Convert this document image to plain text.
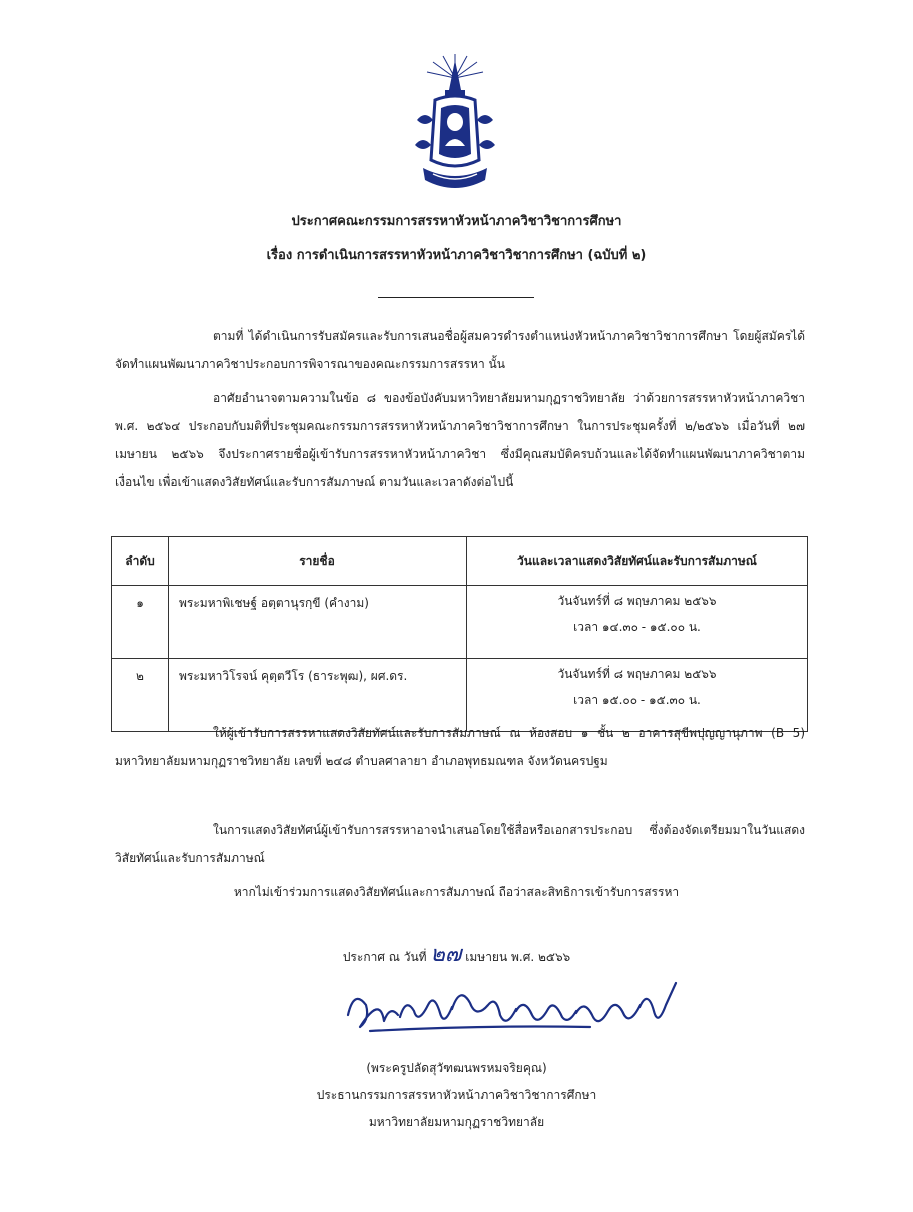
ประกาศคณะกรรมการสรรหาหัวหน้าภาควิชาวิชาการศึกษา
เรื่อง การดำเนินการสรรหาหัวหน้าภาควิชาวิชาการศึกษา (ฉบับที่ ๒)
ตามที่ ได้ดำเนินการรับสมัครและรับการเสนอชื่อผู้สมควรดำรงตำแหน่งหัวหน้าภาควิชาวิชาการศึกษา โดยผู้สมัครได้จัดทำแผนพัฒนาภาควิชาประกอบการพิจารณาของคณะกรรมการสรรหา นั้น
อาศัยอำนาจตามความในข้อ ๘ ของข้อบังคับมหาวิทยาลัยมหามกุฏราชวิทยาลัย ว่าด้วยการสรรหาหัวหน้าภาควิชา พ.ศ. ๒๕๖๔ ประกอบกับมติที่ประชุมคณะกรรมการสรรหาหัวหน้าภาควิชาวิชาการศึกษา ในการประชุมครั้งที่ ๒/๒๕๖๖ เมื่อวันที่ ๒๗ เมษายน ๒๕๖๖ จึงประกาศรายชื่อผู้เข้ารับการสรรหาหัวหน้าภาควิชา ซึ่งมีคุณสมบัติครบถ้วนและได้จัดทำแผนพัฒนาภาควิชาตามเงื่อนไข เพื่อเข้าแสดงวิสัยทัศน์และรับการสัมภาษณ์ ตามวันและเวลาดังต่อไปนี้
ลำดับ	รายชื่อ	วันและเวลาแสดงวิสัยทัศน์และรับการสัมภาษณ์
๑	พระมหาพิเชษฐ์ อตฺตานุรกฺขี (คำงาม)	วันจันทร์ที่ ๘ พฤษภาคม ๒๕๖๖
เวลา ๑๔.๓๐ - ๑๕.๐๐ น.

๒	พระมหาวิโรจน์ คุตฺตวีโร (ธาระพุฒ), ผศ.ดร.	วันจันทร์ที่ ๘ พฤษภาคม ๒๕๖๖
เวลา ๑๕.๐๐ - ๑๕.๓๐ น.
ให้ผู้เข้ารับการสรรหาแสดงวิสัยทัศน์และรับการสัมภาษณ์ ณ ห้องสอบ ๑ ชั้น ๒ อาคารสุขีพปุญญานุภาพ (B 5) มหาวิทยาลัยมหามกุฏราชวิทยาลัย เลขที่ ๒๔๘ ตำบลศาลายา อำเภอพุทธมณฑล จังหวัดนครปฐม
ในการแสดงวิสัยทัศน์ผู้เข้ารับการสรรหาอาจนำเสนอโดยใช้สื่อหรือเอกสารประกอบ ซึ่งต้องจัดเตรียมมาในวันแสดงวิสัยทัศน์และรับการสัมภาษณ์
หากไม่เข้าร่วมการแสดงวิสัยทัศน์และการสัมภาษณ์ ถือว่าสละสิทธิการเข้ารับการสรรหา
ประกาศ ณ วันที่ ๒๗ เมษายน พ.ศ. ๒๕๖๖
(พระครูปลัดสุวัฑฒนพรหมจริยคุณ)
ประธานกรรมการสรรหาหัวหน้าภาควิชาวิชาการศึกษา
มหาวิทยาลัยมหามกุฏราชวิทยาลัย
